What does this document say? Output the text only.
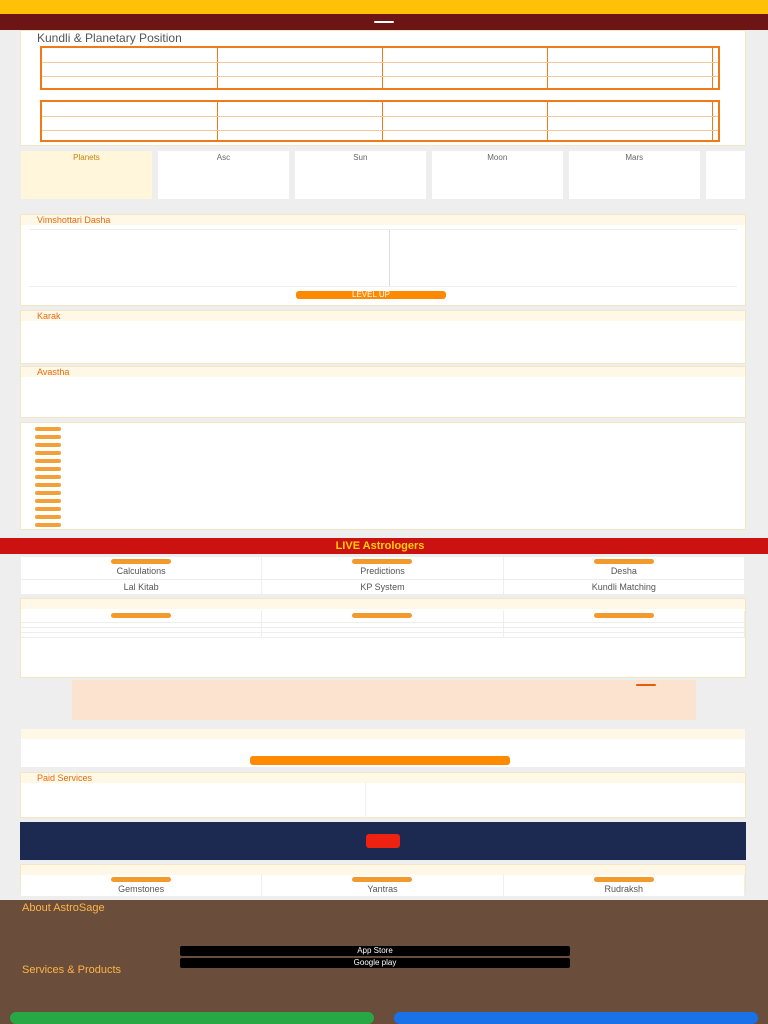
Kundli & Planetary Position
Planets	Asc	Sun	Moon	Mars
Vimshottari Dasha
LEVEL UP
Karak
Avastha
LIVE Astrologers
Calculations	Predictions	Desha
Lal Kitab	KP System	Kundli Matching
Paid Services
Gemstones	Yantras	Rudraksh
About AstroSage
App Store
Google play
Services & Products
